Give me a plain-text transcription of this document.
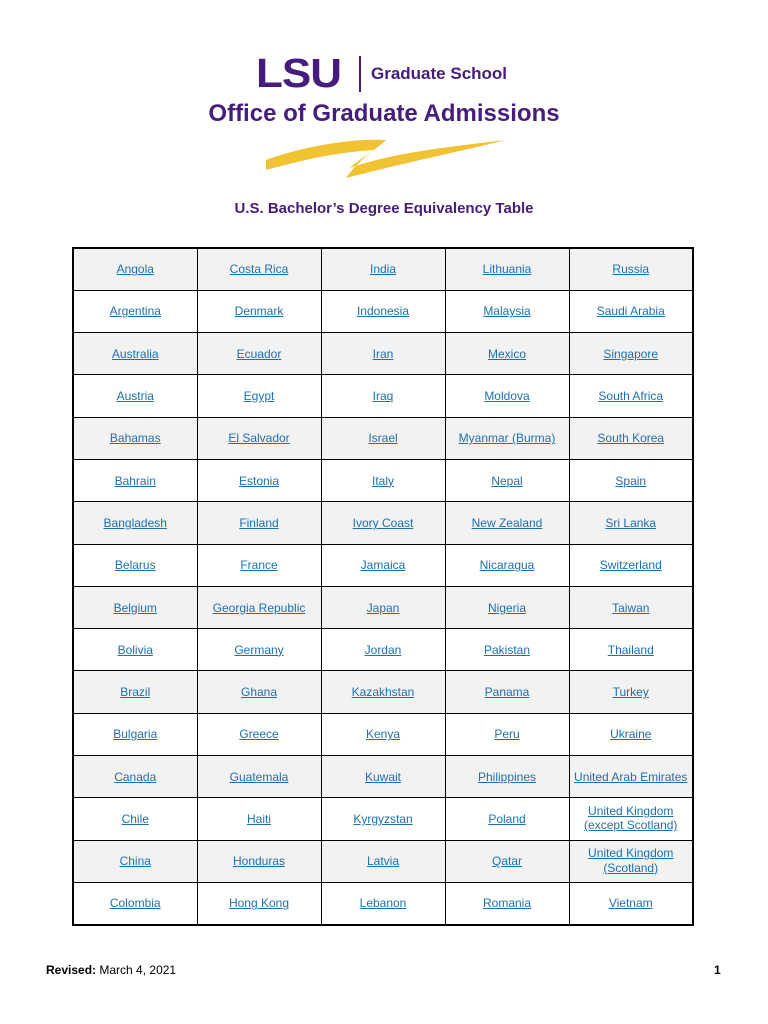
LSU Graduate School
Office of Graduate Admissions
U.S. Bachelor’s Degree Equivalency Table
Angola	Costa Rica	India	Lithuania	Russia
Argentina	Denmark	Indonesia	Malaysia	Saudi Arabia
Australia	Ecuador	Iran	Mexico	Singapore
Austria	Egypt	Iraq	Moldova	South Africa
Bahamas	El Salvador	Israel	Myanmar (Burma)	South Korea
Bahrain	Estonia	Italy	Nepal	Spain
Bangladesh	Finland	Ivory Coast	New Zealand	Sri Lanka
Belarus	France	Jamaica	Nicaragua	Switzerland
Belgium	Georgia Republic	Japan	Nigeria	Taiwan
Bolivia	Germany	Jordan	Pakistan	Thailand
Brazil	Ghana	Kazakhstan	Panama	Turkey
Bulgaria	Greece	Kenya	Peru	Ukraine
Canada	Guatemala	Kuwait	Philippines	United Arab Emirates
Chile	Haiti	Kyrgyzstan	Poland	United Kingdom (except Scotland)
China	Honduras	Latvia	Qatar	United Kingdom (Scotland)
Colombia	Hong Kong	Lebanon	Romania	Vietnam
Revised: March 4, 2021	1
